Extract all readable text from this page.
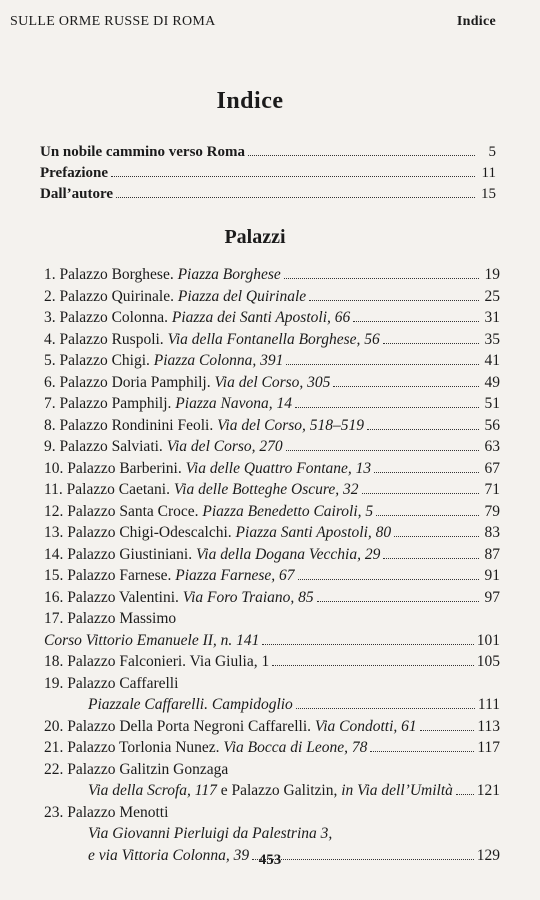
SULLE ORME RUSSE DI ROMA	Indice
Indice
Un nobile cammino verso Roma	5
Prefazione	11
Dall’autore	15
Palazzi
1. Palazzo Borghese. Piazza Borghese	19
2. Palazzo Quirinale. Piazza del Quirinale	25
3. Palazzo Colonna. Piazza dei Santi Apostoli, 66	31
4. Palazzo Ruspoli. Via della Fontanella Borghese, 56	35
5. Palazzo Chigi. Piazza Colonna, 391	41
6. Palazzo Doria Pamphilj. Via del Corso, 305	49
7. Palazzo Pamphilj. Piazza Navona, 14	51
8. Palazzo Rondinini Feoli. Via del Corso, 518–519	56
9. Palazzo Salviati. Via del Corso, 270	63
10. Palazzo Barberini. Via delle Quattro Fontane, 13	67
11. Palazzo Caetani. Via delle Botteghe Oscure, 32	71
12. Palazzo Santa Croce. Piazza Benedetto Cairoli, 5	79
13. Palazzo Chigi-Odescalchi. Piazza Santi Apostoli, 80	83
14. Palazzo Giustiniani. Via della Dogana Vecchia, 29	87
15. Palazzo Farnese. Piazza Farnese, 67	91
16. Palazzo Valentini. Via Foro Traiano, 85	97
17. Palazzo Massimo
Corso Vittorio Emanuele II, n. 141	101
18. Palazzo Falconieri. Via Giulia, 1	105
19. Palazzo Caffarelli
Piazzale Caffarelli. Campidoglio	111
20. Palazzo Della Porta Negroni Caffarelli. Via Condotti, 61	113
21. Palazzo Torlonia Nunez. Via Bocca di Leone, 78	117
22. Palazzo Galitzin Gonzaga
Via della Scrofa, 117 e Palazzo Galitzin, in Via dell’Umiltà 121
23. Palazzo Menotti
Via Giovanni Pierluigi da Palestrina 3,
e via Vittoria Colonna, 39	129
453
